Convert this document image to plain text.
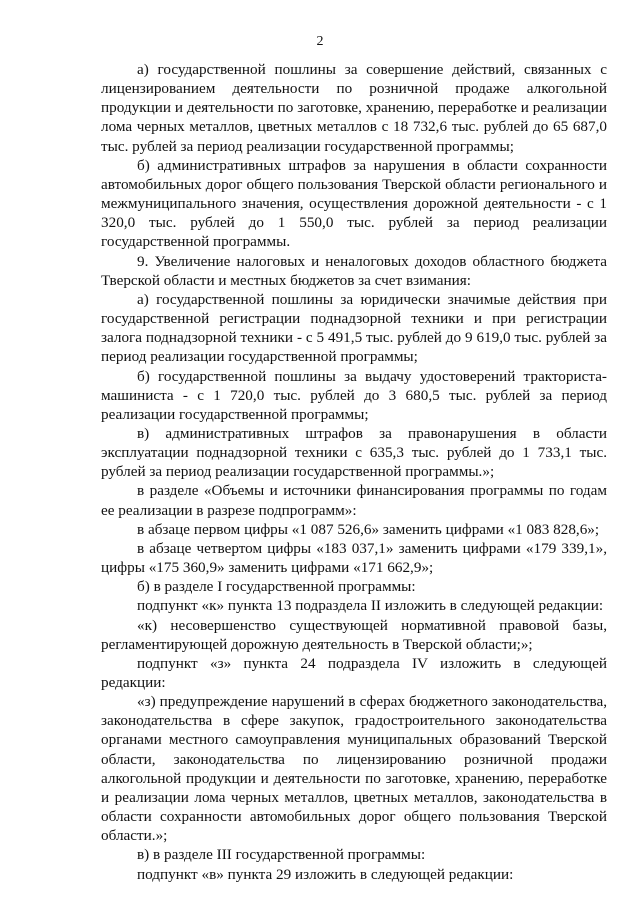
2

а) государственной пошлины за совершение действий, связанных с лицензированием деятельности по розничной продаже алкогольной продукции и деятельности по заготовке, хранению, переработке и реализации лома черных металлов, цветных металлов с 18 732,6 тыс. рублей до 65 687,0 тыс. рублей за период реализации государственной программы;

б) административных штрафов за нарушения в области сохранности автомобильных дорог общего пользования Тверской области регионального и межмуниципального значения, осуществления дорожной деятельности - с 1 320,0 тыс. рублей до 1 550,0 тыс. рублей за период реализации государственной программы.

9. Увеличение налоговых и неналоговых доходов областного бюджета Тверской области и местных бюджетов за счет взимания:

а) государственной пошлины за юридически значимые действия при государственной регистрации поднадзорной техники и при регистрации залога поднадзорной техники - с 5 491,5 тыс. рублей до 9 619,0 тыс. рублей за период реализации государственной программы;

б) государственной пошлины за выдачу удостоверений тракториста-машиниста - с 1 720,0 тыс. рублей до 3 680,5 тыс. рублей за период реализации государственной программы;

в) административных штрафов за правонарушения в области эксплуатации поднадзорной техники с 635,3 тыс. рублей до 1 733,1 тыс. рублей за период реализации государственной программы.»;

в разделе «Объемы и источники финансирования программы по годам ее реализации в разрезе подпрограмм»:

в абзаце первом цифры «1 087 526,6» заменить цифрами «1 083 828,6»;

в абзаце четвертом цифры «183 037,1» заменить цифрами «179 339,1», цифры «175 360,9» заменить цифрами «171 662,9»;

б) в разделе I государственной программы:

подпункт «к» пункта 13 подраздела II изложить в следующей редакции:

«к) несовершенство существующей нормативной правовой базы, регламентирующей дорожную деятельность в Тверской области;»;

подпункт «з» пункта 24 подраздела IV изложить в следующей редакции:

«з) предупреждение нарушений в сферах бюджетного законодательства, законодательства в сфере закупок, градостроительного законодательства органами местного самоуправления муниципальных образований Тверской области, законодательства по лицензированию розничной продажи алкогольной продукции и деятельности по заготовке, хранению, переработке и реализации лома черных металлов, цветных металлов, законодательства в области сохранности автомобильных дорог общего пользования Тверской области.»;

в) в разделе III государственной программы:

подпункт «в» пункта 29 изложить в следующей редакции:
